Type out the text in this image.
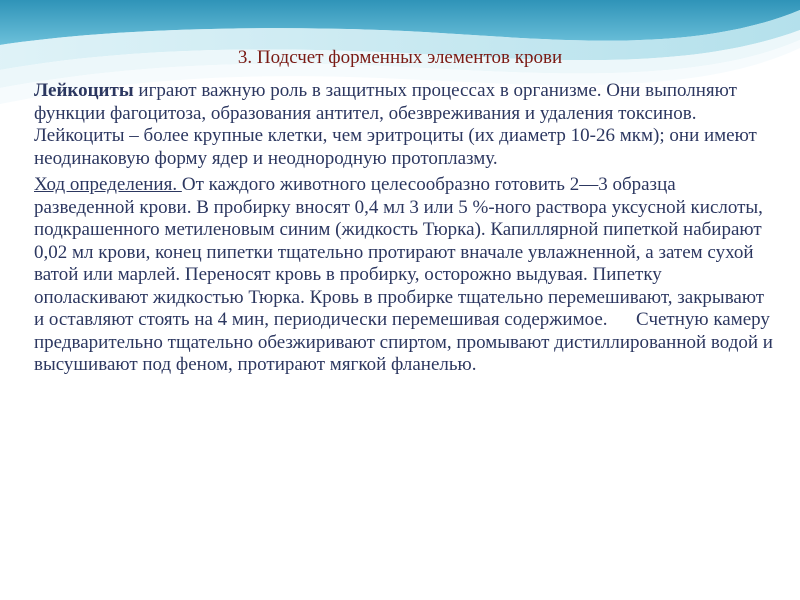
3. Подсчет форменных элементов крови

Лейкоциты играют важную роль в защитных процессах в организме. Они выполняют функции фагоцитоза, образования антител, обезвреживания и удаления токсинов. Лейкоциты – более крупные клетки, чем эритроциты (их диаметр 10-26 мкм); они имеют неодинаковую форму ядер и неоднородную протоплазму.

Ход определения. От каждого животного целесообразно готовить 2—3 образца разведенной крови. В пробирку вносят 0,4 мл 3 или 5 %-ного раствора уксусной кислоты, подкрашенного метиленовым синим (жидкость Тюрка). Капиллярной пипеткой набирают 0,02 мл крови, конец пипетки тщательно протирают вначале увлажненной, а затем сухой ватой или марлей. Переносят кровь в пробирку, осторожно выдувая. Пипетку ополаскивают жидкостью Тюрка. Кровь в пробирке тщательно перемешивают, закрывают и оставляют стоять на 4 мин, периодически перемешивая содержимое.      Счетную камеру предварительно тщательно обезжиривают спиртом, промывают дистиллированной водой и высушивают под феном, протирают мягкой фланелью.
